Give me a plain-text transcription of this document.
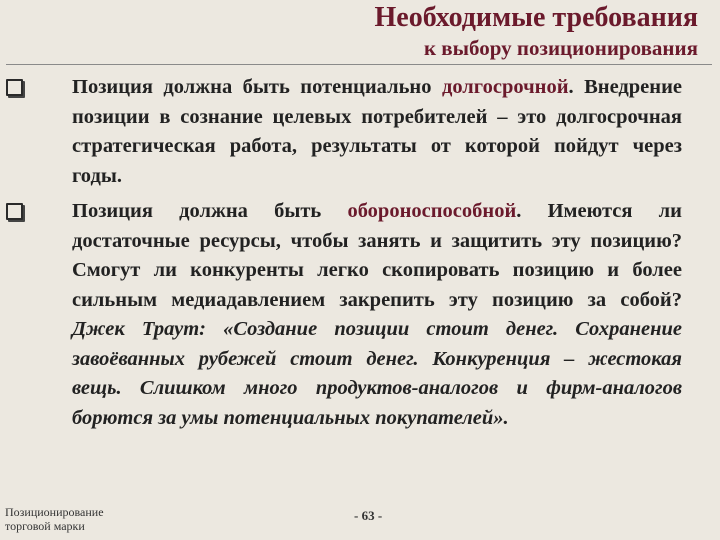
Необходимые требования
к выбору позиционирования

Позиция должна быть потенциально долгосрочной. Внедрение позиции в сознание целевых потребителей – это долгосрочная стратегическая работа, результаты от которой пойдут через годы.

Позиция должна быть обороноспособной. Имеются ли достаточные ресурсы, чтобы занять и защитить эту позицию? Смогут ли конкуренты легко скопировать позицию и более сильным медиадавлением закрепить эту позицию за собой? Джек Траут: «Создание позиции стоит денег. Сохранение завоёванных рубежей стоит денег. Конкуренция – жестокая вещь. Слишком много продуктов-аналогов и фирм-аналогов борются за умы потенциальных покупателей».

Позиционирование
торговой марки
- 63 -
